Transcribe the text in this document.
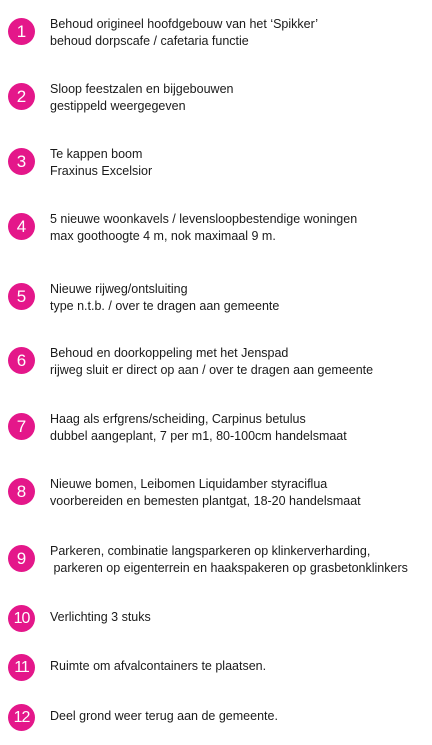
1	Behoud origineel hoofdgebouw van het ‘Spikker’
behoud dorpscafe / cafetaria functie
2	Sloop feestzalen en bijgebouwen
gestippeld weergegeven
3	Te kappen boom
Fraxinus Excelsior
4	5 nieuwe woonkavels / levensloopbestendige woningen
max goothoogte 4 m, nok maximaal 9 m.
5	Nieuwe rijweg/ontsluiting
type n.t.b. / over te dragen aan gemeente
6	Behoud en doorkoppeling met het Jenspad
rijweg sluit er direct op aan / over te dragen aan gemeente
7	Haag als erfgrens/scheiding, Carpinus betulus
dubbel aangeplant, 7 per m1, 80-100cm handelsmaat
8	Nieuwe bomen, Leibomen Liquidamber styraciflua
voorbereiden en bemesten plantgat, 18-20 handelsmaat
9	Parkeren, combinatie langsparkeren op klinkerverharding,
parkeren op eigenterrein en haakspakeren op grasbetonklinkers
10	Verlichting 3 stuks
11	Ruimte om afvalcontainers te plaatsen.
12	Deel grond weer terug aan de gemeente.
